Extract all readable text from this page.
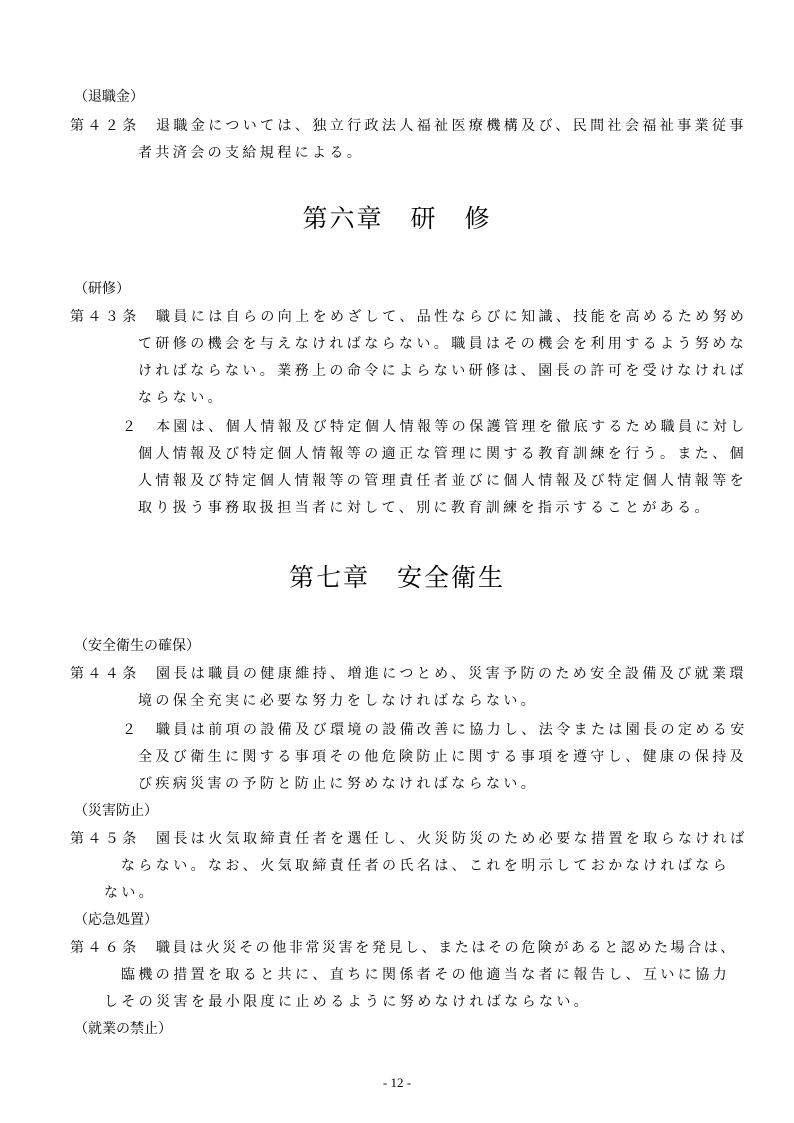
（退職金）
第４２条 退職金については、独立行政法人福祉医療機構及び、民間社会福祉事業従事
者共済会の支給規程による。
第六章　研　修
（研修）
第４３条 職員には自らの向上をめざして、品性ならびに知識、技能を高めるため努め
て研修の機会を与えなければならない。職員はその機会を利用するよう努めな
ければならない。業務上の命令によらない研修は、園長の許可を受けなければ
ならない。
２ 本園は、個人情報及び特定個人情報等の保護管理を徹底するため職員に対し
個人情報及び特定個人情報等の適正な管理に関する教育訓練を行う。また、個
人情報及び特定個人情報等の管理責任者並びに個人情報及び特定個人情報等を
取り扱う事務取扱担当者に対して、別に教育訓練を指示することがある。
第七章　安全衛生
（安全衛生の確保）
第４４条 園長は職員の健康維持、増進につとめ、災害予防のため安全設備及び就業環
境の保全充実に必要な努力をしなければならない。
２ 職員は前項の設備及び環境の設備改善に協力し、法令または園長の定める安
全及び衛生に関する事項その他危険防止に関する事項を遵守し、健康の保持及
び疾病災害の予防と防止に努めなければならない。
（災害防止）
第４５条 園長は火気取締責任者を選任し、火災防災のため必要な措置を取らなければ
ならない。なお、火気取締責任者の氏名は、これを明示しておかなければなら
ない。
（応急処置）
第４６条 職員は火災その他非常災害を発見し、またはその危険があると認めた場合は、
臨機の措置を取ると共に、直ちに関係者その他適当な者に報告し、互いに協力
しその災害を最小限度に止めるように努めなければならない。
（就業の禁止）
- 12 -
